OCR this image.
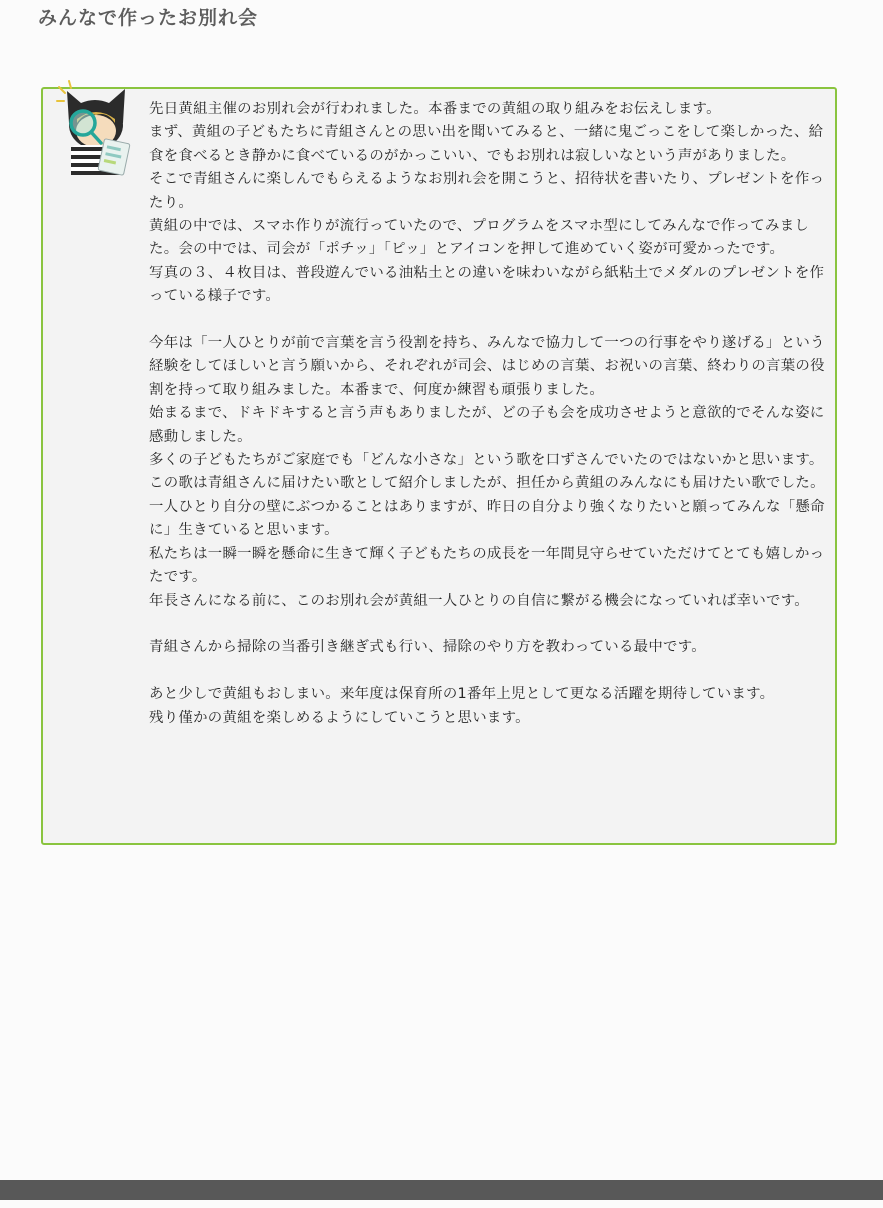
みんなで作ったお別れ会

先日黄組主催のお別れ会が行われました。本番までの黄組の取り組みをお伝えします。

まず、黄組の子どもたちに青組さんとの思い出を聞いてみると、一緒に鬼ごっこをして楽しかった、給食を食べるとき静かに食べているのがかっこいい、でもお別れは寂しいなという声がありました。

そこで青組さんに楽しんでもらえるようなお別れ会を開こうと、招待状を書いたり、プレゼントを作ったり。

黄組の中では、スマホ作りが流行っていたので、プログラムをスマホ型にしてみんなで作ってみました。会の中では、司会が「ポチッ」「ピッ」とアイコンを押して進めていく姿が可愛かったです。

写真の３、４枚目は、普段遊んでいる油粘土との違いを味わいながら紙粘土でメダルのプレゼントを作っている様子です。

今年は「一人ひとりが前で言葉を言う役割を持ち、みんなで協力して一つの行事をやり遂げる」という経験をしてほしいと言う願いから、それぞれが司会、はじめの言葉、お祝いの言葉、終わりの言葉の役割を持って取り組みました。本番まで、何度か練習も頑張りました。

始まるまで、ドキドキすると言う声もありましたが、どの子も会を成功させようと意欲的でそんな姿に感動しました。

多くの子どもたちがご家庭でも「どんな小さな」という歌を口ずさんでいたのではないかと思います。この歌は青組さんに届けたい歌として紹介しましたが、担任から黄組のみんなにも届けたい歌でした。

一人ひとり自分の壁にぶつかることはありますが、昨日の自分より強くなりたいと願ってみんな「懸命に」生きていると思います。

私たちは一瞬一瞬を懸命に生きて輝く子どもたちの成長を一年間見守らせていただけてとても嬉しかったです。

年長さんになる前に、このお別れ会が黄組一人ひとりの自信に繋がる機会になっていれば幸いです。

青組さんから掃除の当番引き継ぎ式も行い、掃除のやり方を教わっている最中です。

あと少しで黄組もおしまい。来年度は保育所の1番年上児として更なる活躍を期待しています。

残り僅かの黄組を楽しめるようにしていこうと思います。
